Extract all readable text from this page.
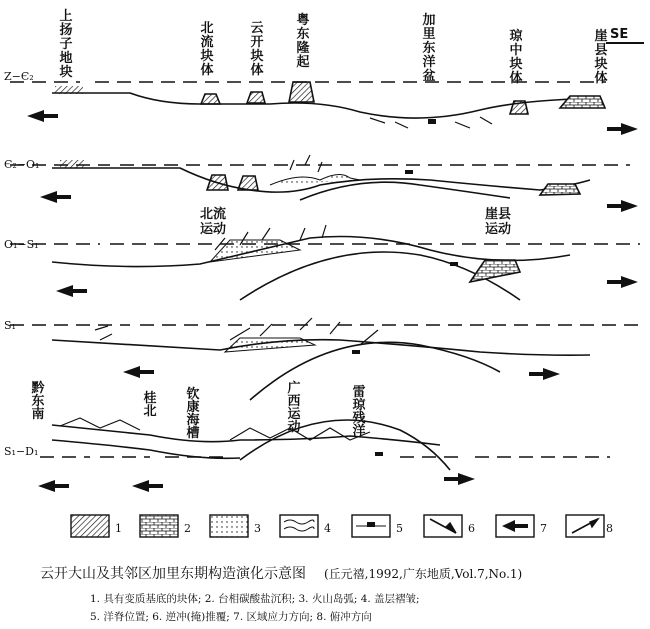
SE
上扬子地块
北流块体
云开块体
粤东隆起
加里东洋盆
琼中块体
崖县块体
Z−Є₂
Є₂−O₁
O₁−S₁
S₁
S₁−D₁
北流运动
崖县运动
黔东南
桂北
钦康海槽
广西运动
雷琼残洋
1	2	3	4	5	6	7	8
云开大山及其邻区加里东期构造演化示意图 (丘元禧,1992,广东地质,Vol.7,No.1)
1. 具有变质基底的块体; 2. 台相碳酸盐沉积; 3. 火山岛弧; 4. 盖层褶皱;
5. 洋脊位置; 6. 逆冲(掩)推覆; 7. 区域应力方向; 8. 俯冲方向
